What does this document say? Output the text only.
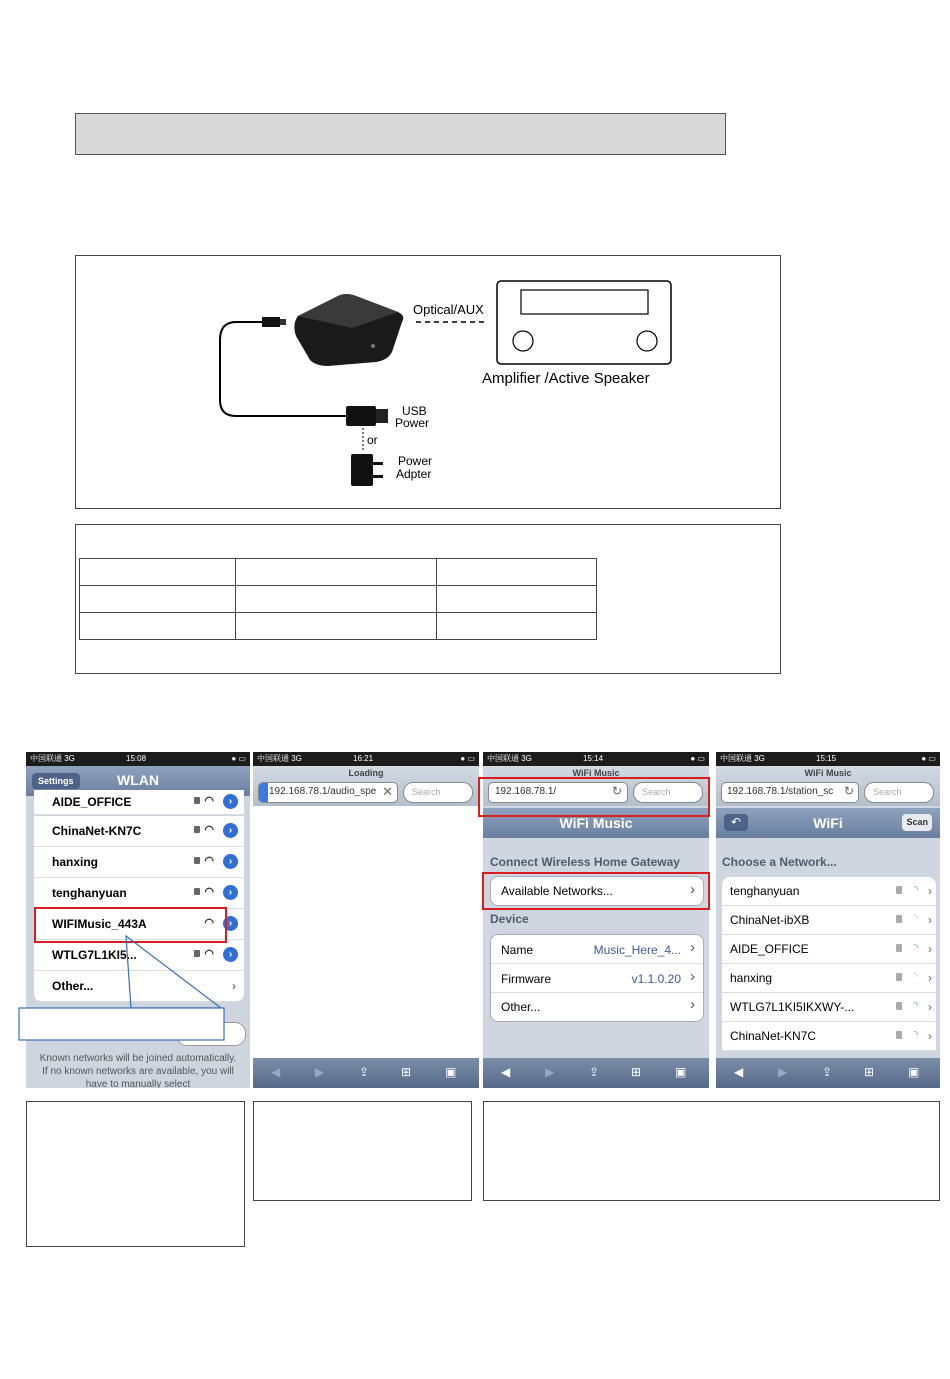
Optical/AUX
Amplifier /Active Speaker
USB
Power
or
Power
Adpter

中国联通 3G	15:08	● ▭
Settings	WLAN
AIDE_OFFICE	◠	›
ChinaNet-KN7C	◠	›
hanxing	◠	›
tenghanyuan	◠	›
WIFIMusic_443A	◠	›
WTLG7L1KI5...	◠	›
Other...	›
Known networks will be joined automatically. If no known networks are available, you will have to manually select
中国联通 3G	16:21	● ▭
Loading
192.168.78.1/audio_spe ✕	Search
◀	▶	⇪	⊞	▣
中国联通 3G	15:14	● ▭
WiFi Music
192.168.78.1/	↻	Search
WiFi Music
Connect Wireless Home Gateway
Available Networks...	›
Device
Name	Music_Here_4... ›
Firmware	v1.1.0.20 ›
Other...	›
◀	▶	⇪	⊞	▣
中国联通 3G	15:15	● ▭
WiFi Music
192.168.78.1/station_sc ↻	Search
↶	WiFi	Scan
Choose a Network...
tenghanyuan	◝ ›
ChinaNet-ibXB	◝ ›
AIDE_OFFICE	◝ ›
hanxing	◝ ›
WTLG7L1KI5IKXWY-...	◝ ›
ChinaNet-KN7C	◝ ›
◀	▶	⇪	⊞	▣
